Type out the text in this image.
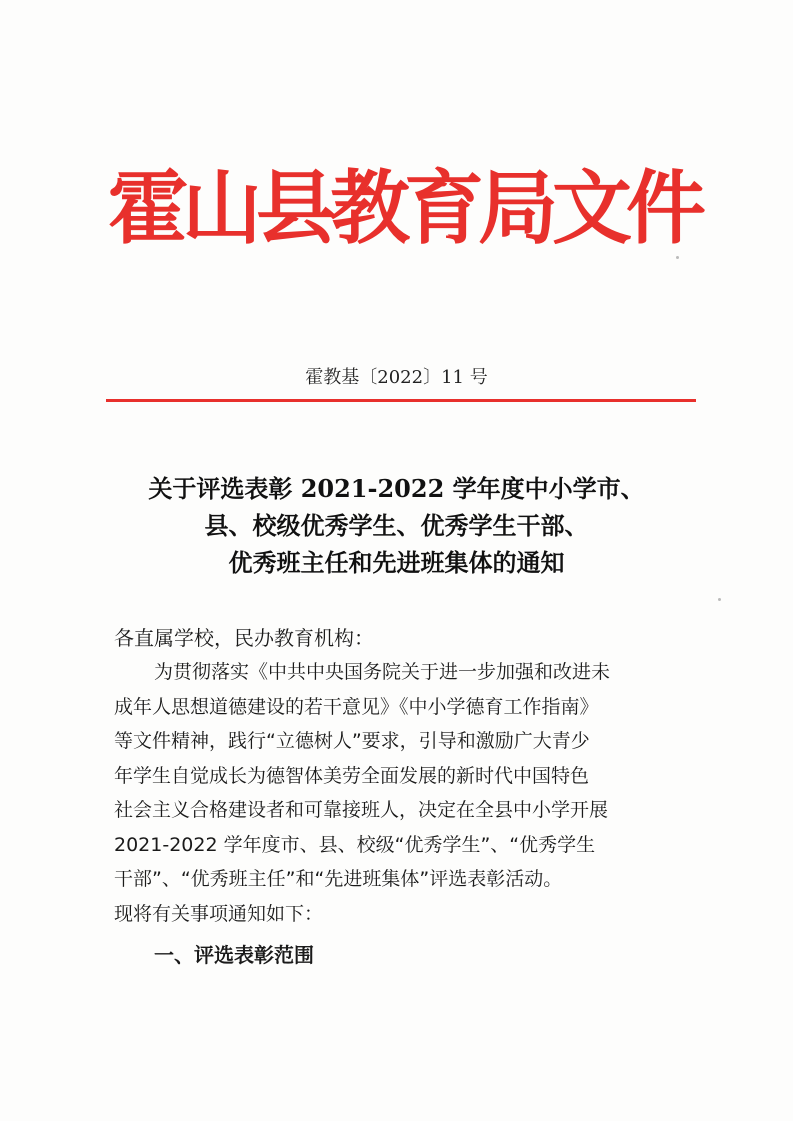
霍山县教育局文件
霍教基〔2022〕11 号
关于评选表彰 2021-2022 学年度中小学市、
县、校级优秀学生、优秀学生干部、
优秀班主任和先进班集体的通知
各直属学校，民办教育机构：
为贯彻落实《中共中央国务院关于进一步加强和改进未
成年人思想道德建设的若干意见》《中小学德育工作指南》
等文件精神，践行“立德树人”要求，引导和激励广大青少
年学生自觉成长为德智体美劳全面发展的新时代中国特色
社会主义合格建设者和可靠接班人，决定在全县中小学开展
2021-2022 学年度市、县、校级“优秀学生”、“优秀学生
干部”、“优秀班主任”和“先进班集体”评选表彰活动。
现将有关事项通知如下：
一、评选表彰范围
